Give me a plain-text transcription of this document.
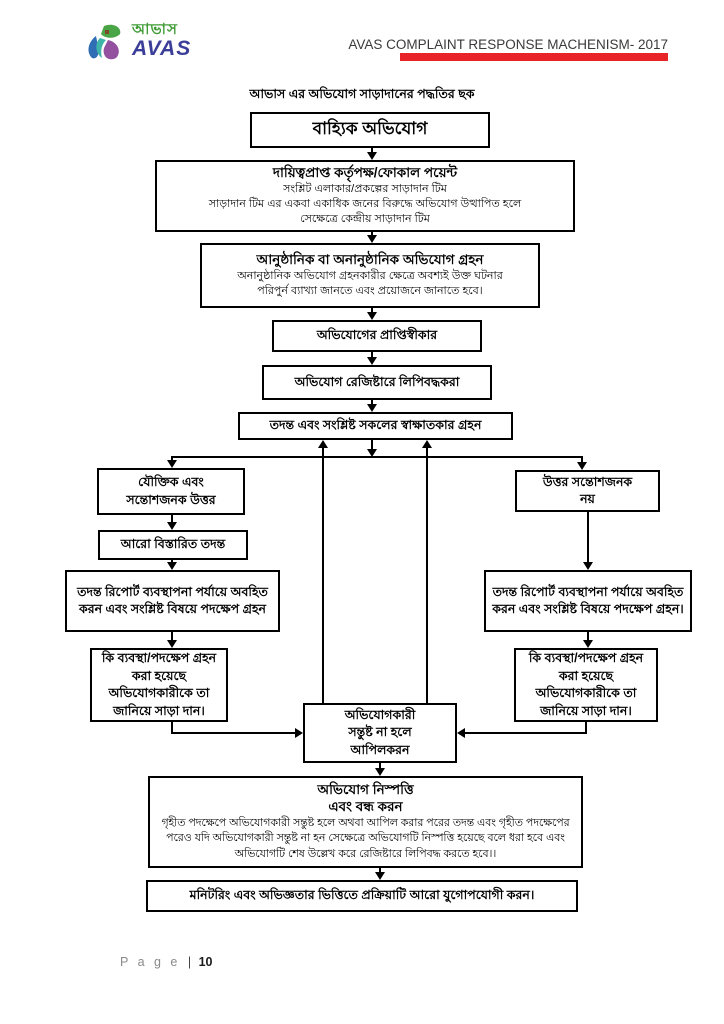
আভাস
AVAS	AVAS COMPLAINT RESPONSE MACHENISM- 2017
আভাস এর অভিযোগ সাড়াদানের পদ্ধতির ছক
বাহ্যিক অভিযোগ
দায়িত্বপ্রাপ্ত কর্তৃপক্ষ/ফোকাল পয়েন্ট
সংশ্লিট এলাকার/প্রকল্পের সাড়াদান টিম
সাড়াদান টিম এর একবা একাধিক জনের বিরুদ্ধে অভিযোগ উত্থাপিত হলে
সেক্ষেত্রে কেন্দ্রীয় সাড়াদান টিম
আনুষ্ঠানিক বা অনানুষ্ঠানিক অভিযোগ গ্রহন
অনানুষ্ঠানিক অভিযোগ গ্রহনকারীর ক্ষেত্রে অবশ্যই উক্ত ঘটনার
পরিপুর্ন ব্যাখ্যা জানতে এবং প্রয়োজনে জানাতে হবে।
অভিযোগের প্রাপ্তিস্বীকার
অভিযোগ রেজিষ্টারে লিপিবদ্ধকরা
তদন্ত এবং সংশ্লিষ্ট সকলের স্বাক্ষাতকার গ্রহন
যৌক্তিক এবং
সন্তোশজনক উত্তর
উত্তর সন্তোশজনক
নয়
আরো বিস্তারিত তদন্ত
তদন্ত রিপোর্ট ব্যবস্থাপনা পর্যায়ে অবহিত করন এবং সংশ্লিষ্ট বিষয়ে পদক্ষেপ গ্রহন
তদন্ত রিপোর্ট ব্যবস্থাপনা পর্যায়ে অবহিত করন এবং সংশ্লিষ্ট বিষয়ে পদক্ষেপ গ্রহন।
কি ব্যবস্থা/পদক্ষেপ গ্রহন করা হয়েছে অভিযোগকারীকে তা জানিয়ে সাড়া দান।
কি ব্যবস্থা/পদক্ষেপ গ্রহন করা হয়েছে অভিযোগকারীকে তা জানিয়ে সাড়া দান।
অভিযোগকারী
সন্তুষ্ট না হলে
আপিলকরন
অভিযোগ নিস্পত্তি
এবং বন্ধ করন
গৃহীত পদক্ষেপে অভিযোগকারী সন্তুষ্ট হলে অথবা আপিল করার পরের তদন্ত এবং গৃহীত পদক্ষেপের পরেও যদি অভিযোগকারী সন্তুষ্ট না হন সেক্ষেত্রে অভিযোগটি নিস্পত্তি হয়েছে বলে ধরা হবে এবং অভিযোগটি শেষ উল্লেখ করে রেজিষ্টারে লিপিবদ্ধ করতে হবে।।
মনিটরিং এবং অভিজ্ঞতার ভিত্তিতে প্রক্রিয়াটি আরো যুগোপযোগী করন।
P a g e | 10
